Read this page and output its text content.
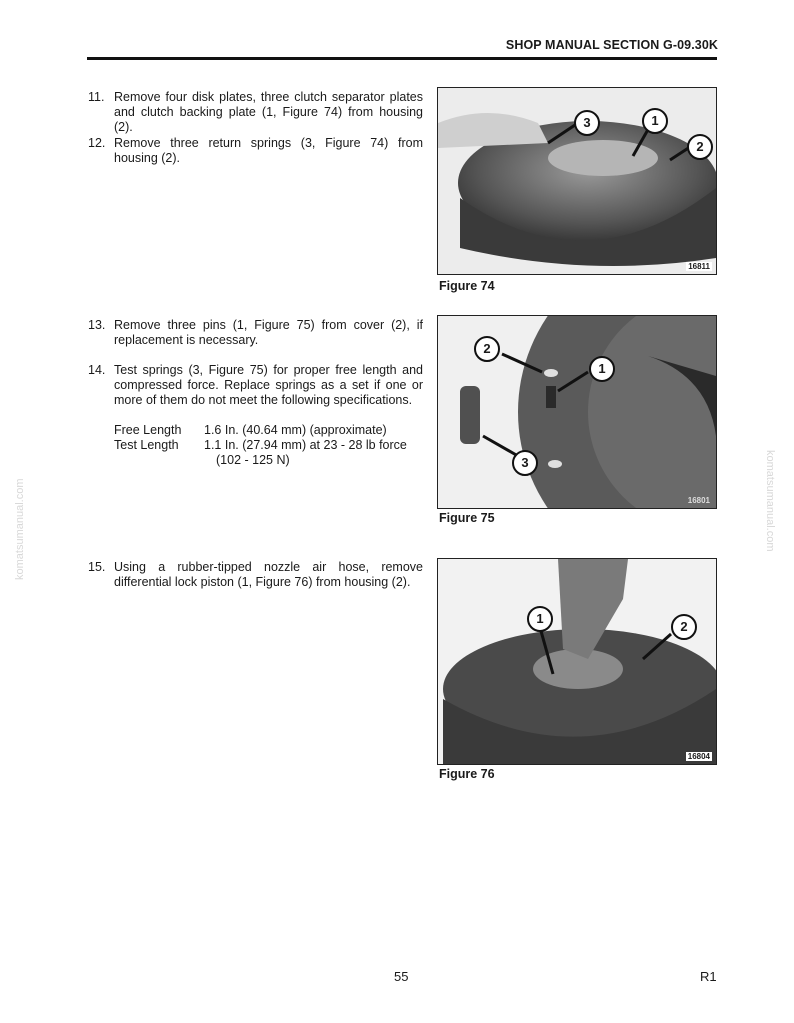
SHOP MANUAL SECTION G-09.30K
11. Remove four disk plates, three clutch separator plates and clutch backing plate (1, Figure 74) from housing (2).
12. Remove three return springs (3, Figure 74) from housing (2).
13. Remove three pins (1, Figure 75) from cover (2), if replacement is necessary.
14. Test springs (3, Figure 75) for proper free length and compressed force. Replace springs as a set if one or more of them do not meet the following specifications.
Free Length	1.6 In. (40.64 mm) (approximate)
Test Length	1.1 In. (27.94 mm) at 23 - 28 lb force
(102 - 125 N)
15. Using a rubber-tipped nozzle air hose, remove differential lock piston (1, Figure 76) from housing (2).
3	1
2
16811
Figure 74
2
1
3
16801
Figure 75
1
2
16804
Figure 76
55	R1
komatsumanual.com	komatsumanual.com
